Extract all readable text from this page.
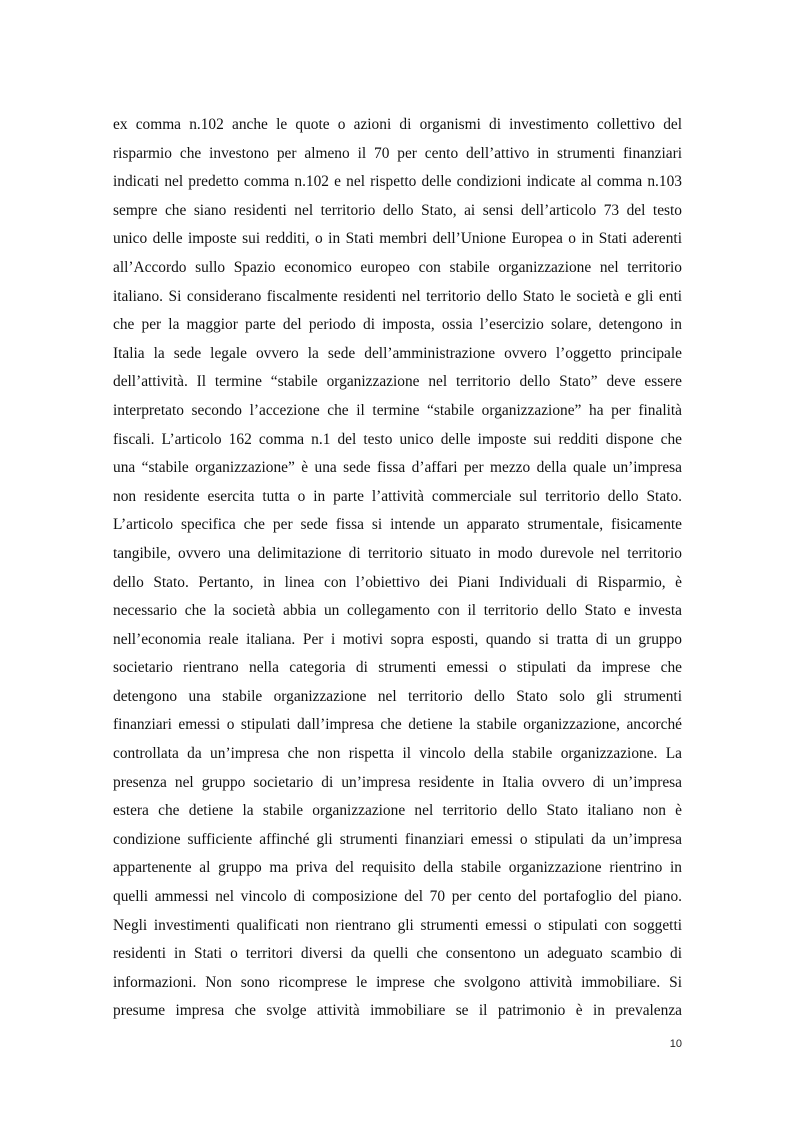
ex comma n.102 anche le quote o azioni di organismi di investimento collettivo del
risparmio che investono per almeno il 70 per cento dell’attivo in strumenti finanziari
indicati nel predetto comma n.102 e nel rispetto delle condizioni indicate al comma n.103
sempre che siano residenti nel territorio dello Stato, ai sensi dell’articolo 73 del testo
unico delle imposte sui redditi, o in Stati membri dell’Unione Europea o in Stati aderenti
all’Accordo sullo Spazio economico europeo con stabile organizzazione nel territorio
italiano. Si considerano fiscalmente residenti nel territorio dello Stato le società e gli enti
che per la maggior parte del periodo di imposta, ossia l’esercizio solare, detengono in
Italia la sede legale ovvero la sede dell’amministrazione ovvero l’oggetto principale
dell’attività. Il termine “stabile organizzazione nel territorio dello Stato” deve essere
interpretato secondo l’accezione che il termine “stabile organizzazione” ha per finalità
fiscali. L’articolo 162 comma n.1 del testo unico delle imposte sui redditi dispone che
una “stabile organizzazione” è una sede fissa d’affari per mezzo della quale un’impresa
non residente esercita tutta o in parte l’attività commerciale sul territorio dello Stato.
L’articolo specifica che per sede fissa si intende un apparato strumentale, fisicamente
tangibile, ovvero una delimitazione di territorio situato in modo durevole nel territorio
dello Stato. Pertanto, in linea con l’obiettivo dei Piani Individuali di Risparmio, è
necessario che la società abbia un collegamento con il territorio dello Stato e investa
nell’economia reale italiana. Per i motivi sopra esposti, quando si tratta di un gruppo
societario rientrano nella categoria di strumenti emessi o stipulati da imprese che
detengono una stabile organizzazione nel territorio dello Stato solo gli strumenti
finanziari emessi o stipulati dall’impresa che detiene la stabile organizzazione, ancorché
controllata da un’impresa che non rispetta il vincolo della stabile organizzazione. La
presenza nel gruppo societario di un’impresa residente in Italia ovvero di un’impresa
estera che detiene la stabile organizzazione nel territorio dello Stato italiano non è
condizione sufficiente affinché gli strumenti finanziari emessi o stipulati da un’impresa
appartenente al gruppo ma priva del requisito della stabile organizzazione rientrino in
quelli ammessi nel vincolo di composizione del 70 per cento del portafoglio del piano.
Negli investimenti qualificati non rientrano gli strumenti emessi o stipulati con soggetti
residenti in Stati o territori diversi da quelli che consentono un adeguato scambio di
informazioni. Non sono ricomprese le imprese che svolgono attività immobiliare. Si
presume impresa che svolge attività immobiliare se il patrimonio è in prevalenza
10
